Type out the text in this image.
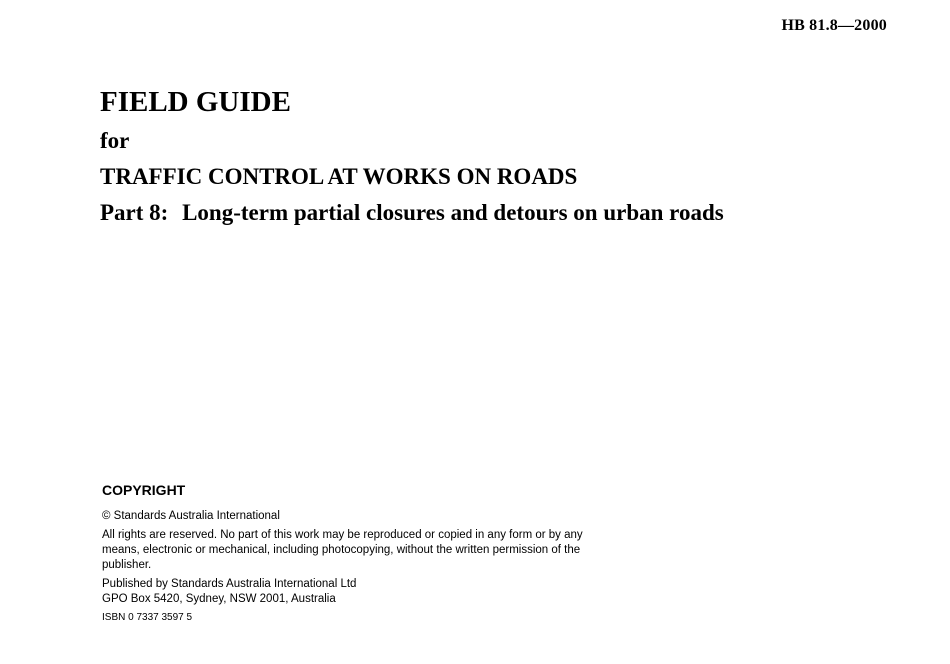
HB 81.8—2000
FIELD GUIDE
for
TRAFFIC CONTROL AT WORKS ON ROADS
Part 8: Long-term partial closures and detours on urban roads
COPYRIGHT
© Standards Australia International
All rights are reserved. No part of this work may be reproduced or copied in any form or by any
means, electronic or mechanical, including photocopying, without the written permission of the
publisher.
Published by Standards Australia International Ltd
GPO Box 5420, Sydney, NSW 2001, Australia
ISBN 0 7337 3597 5
